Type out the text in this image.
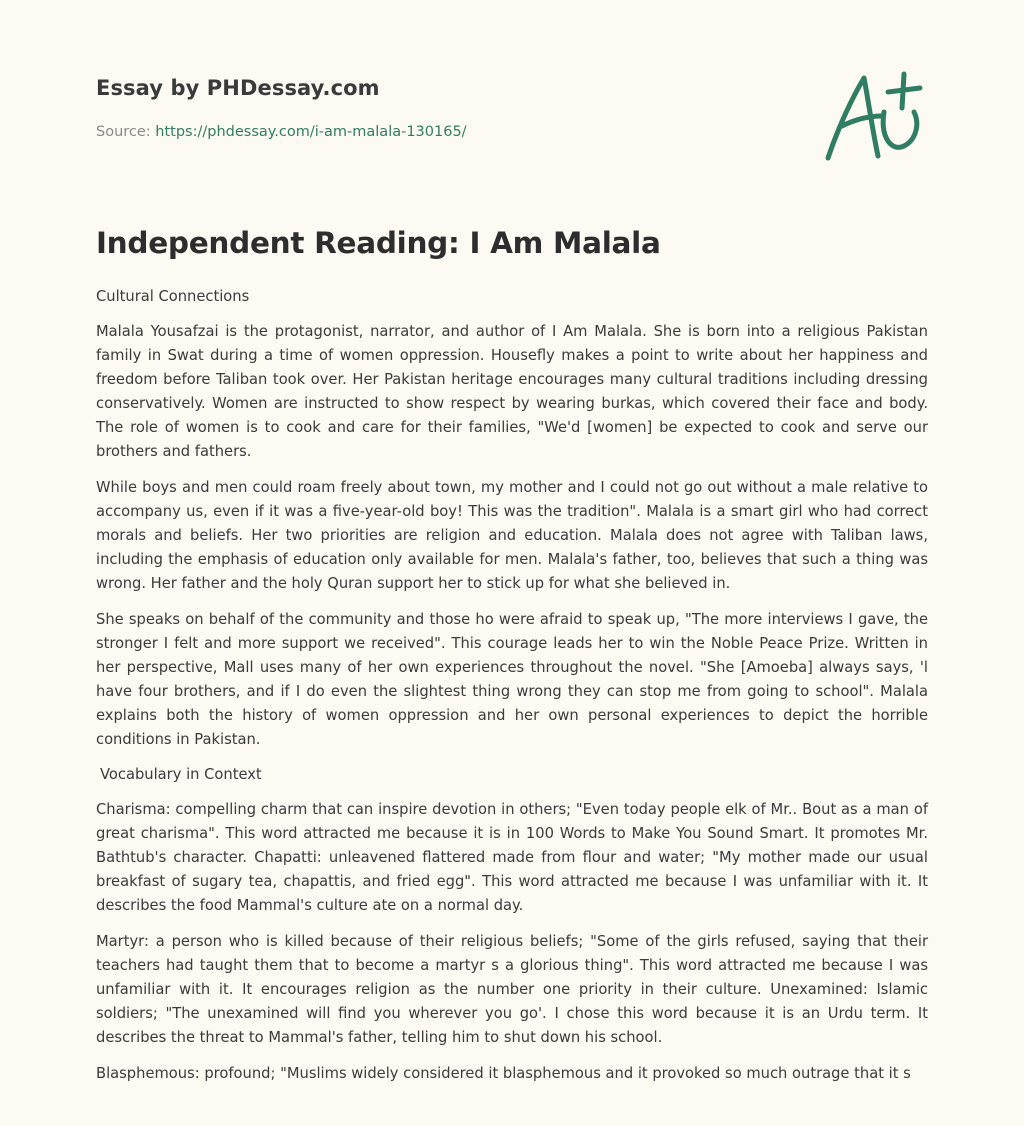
Essay by PHDessay.com
Source: https://phdessay.com/i-am-malala-130165/
Independent Reading: I Am Malala
Cultural Connections

Malala Yousafzai is the protagonist, narrator, and author of I Am Malala. She is born into a religious Pakistan family in Swat during a time of women oppression. Housefly makes a point to write about her happiness and freedom before Taliban took over. Her Pakistan heritage encourages many cultural traditions including dressing conservatively. Women are instructed to show respect by wearing burkas, which covered their face and body. The role of women is to cook and care for their families, "We'd [women] be expected to cook and serve our brothers and fathers.

While boys and men could roam freely about town, my mother and I could not go out without a male relative to accompany us, even if it was a five-year-old boy! This was the tradition". Malala is a smart girl who had correct morals and beliefs. Her two priorities are religion and education. Malala does not agree with Taliban laws, including the emphasis of education only available for men. Malala's father, too, believes that such a thing was wrong. Her father and the holy Quran support her to stick up for what she believed in.

She speaks on behalf of the community and those ho were afraid to speak up, "The more interviews I gave, the stronger I felt and more support we received". This courage leads her to win the Noble Peace Prize. Written in her perspective, Mall uses many of her own experiences throughout the novel. "She [Amoeba] always says, 'l have four brothers, and if I do even the slightest thing wrong they can stop me from going to school". Malala explains both the history of women oppression and her own personal experiences to depict the horrible conditions in Pakistan.

Vocabulary in Context

Charisma: compelling charm that can inspire devotion in others; "Even today people elk of Mr.. Bout as a man of great charisma". This word attracted me because it is in 100 Words to Make You Sound Smart. It promotes Mr. Bathtub's character. Chapatti: unleavened flattered made from flour and water; "My mother made our usual breakfast of sugary tea, chapattis, and fried egg". This word attracted me because I was unfamiliar with it. It describes the food Mammal's culture ate on a normal day.

Martyr: a person who is killed because of their religious beliefs; "Some of the girls refused, saying that their teachers had taught them that to become a martyr s a glorious thing". This word attracted me because I was unfamiliar with it. It encourages religion as the number one priority in their culture. Unexamined: Islamic soldiers; "The unexamined will find you wherever you go'. I chose this word because it is an Urdu term. It describes the threat to Mammal's father, telling him to shut down his school.

Blasphemous: profound; "Muslims widely considered it blasphemous and it provoked so much outrage that it s
